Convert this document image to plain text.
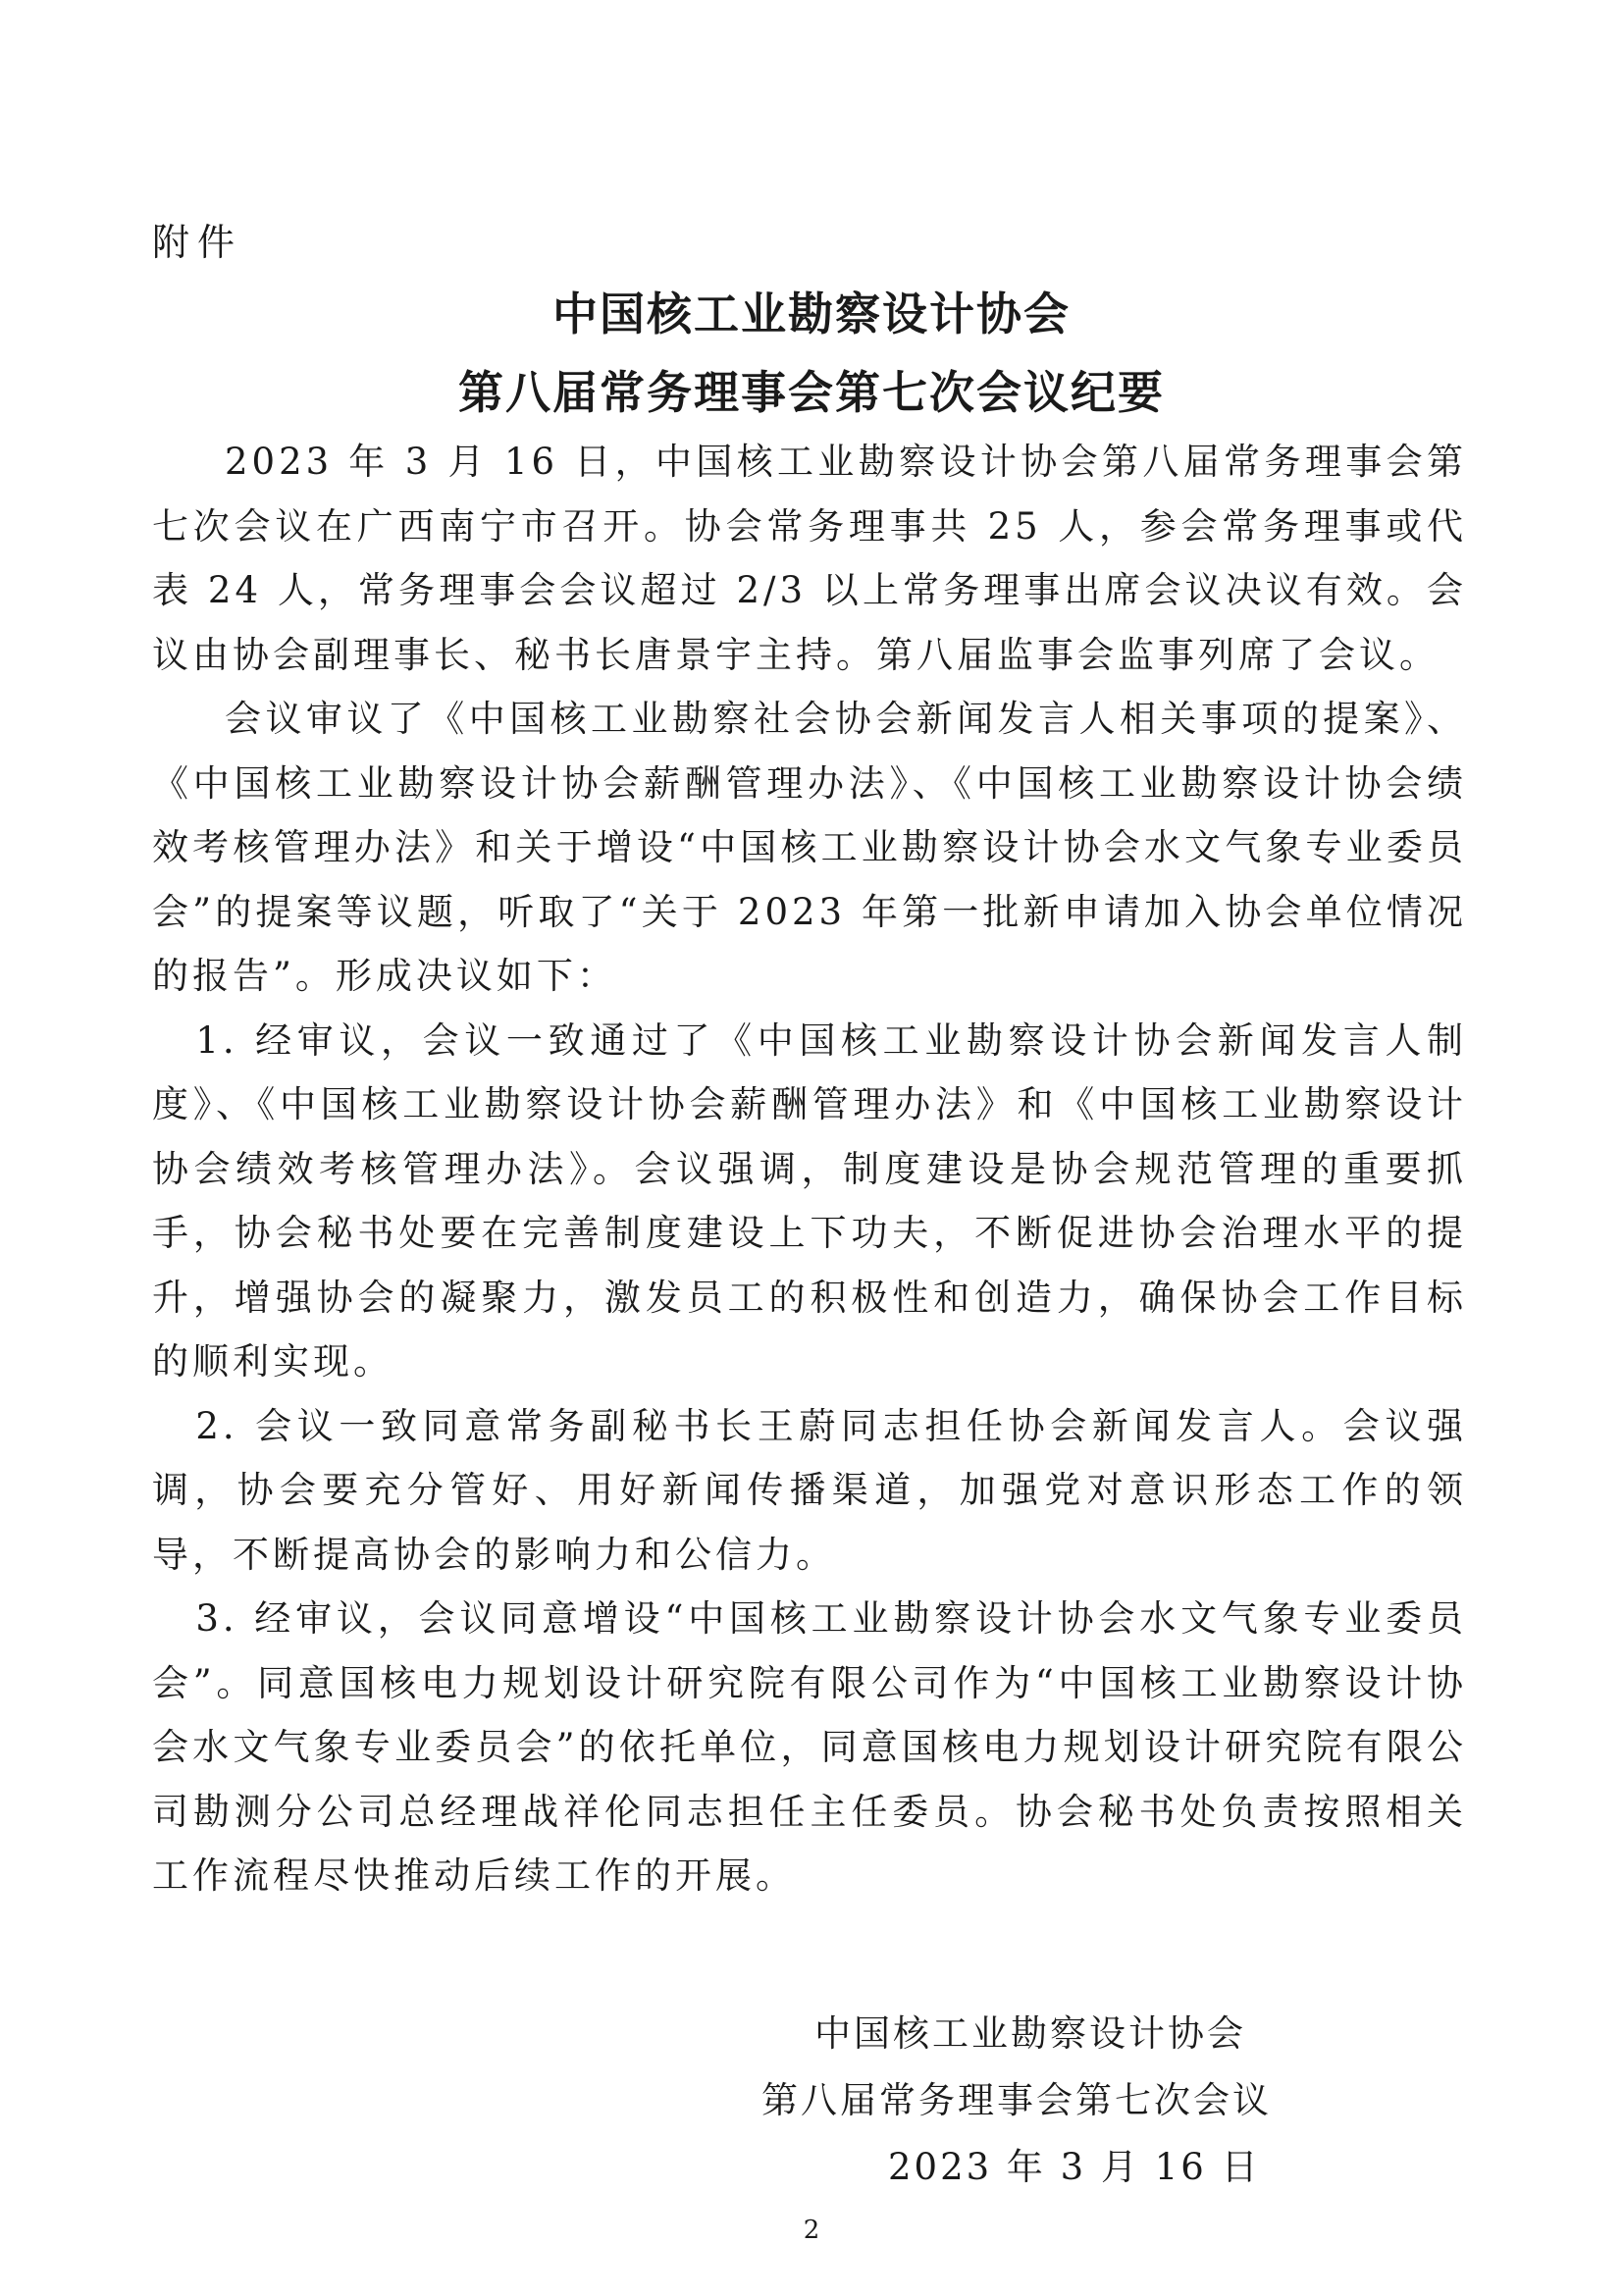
附件
中国核工业勘察设计协会
第八届常务理事会第七次会议纪要

2023 年 3 月 16 日，中国核工业勘察设计协会第八届常务理事会第七次会议在广西南宁市召开。协会常务理事共 25 人，参会常务理事或代表 24 人，常务理事会会议超过 2/3 以上常务理事出席会议决议有效。会议由协会副理事长、秘书长唐景宇主持。第八届监事会监事列席了会议。

会议审议了《中国核工业勘察社会协会新闻发言人相关事项的提案》、《中国核工业勘察设计协会薪酬管理办法》、《中国核工业勘察设计协会绩效考核管理办法》和关于增设“中国核工业勘察设计协会水文气象专业委员会”的提案等议题，听取了“关于 2023 年第一批新申请加入协会单位情况的报告”。形成决议如下：

1. 经审议，会议一致通过了《中国核工业勘察设计协会新闻发言人制度》、《中国核工业勘察设计协会薪酬管理办法》和《中国核工业勘察设计协会绩效考核管理办法》。会议强调，制度建设是协会规范管理的重要抓手，协会秘书处要在完善制度建设上下功夫，不断促进协会治理水平的提升，增强协会的凝聚力，激发员工的积极性和创造力，确保协会工作目标的顺利实现。

2. 会议一致同意常务副秘书长王蔚同志担任协会新闻发言人。会议强调，协会要充分管好、用好新闻传播渠道，加强党对意识形态工作的领导，不断提高协会的影响力和公信力。

3. 经审议，会议同意增设“中国核工业勘察设计协会水文气象专业委员会”。同意国核电力规划设计研究院有限公司作为“中国核工业勘察设计协会水文气象专业委员会”的依托单位，同意国核电力规划设计研究院有限公司勘测分公司总经理战祥伦同志担任主任委员。协会秘书处负责按照相关工作流程尽快推动后续工作的开展。

中国核工业勘察设计协会
第八届常务理事会第七次会议
2023 年 3 月 16 日
2
